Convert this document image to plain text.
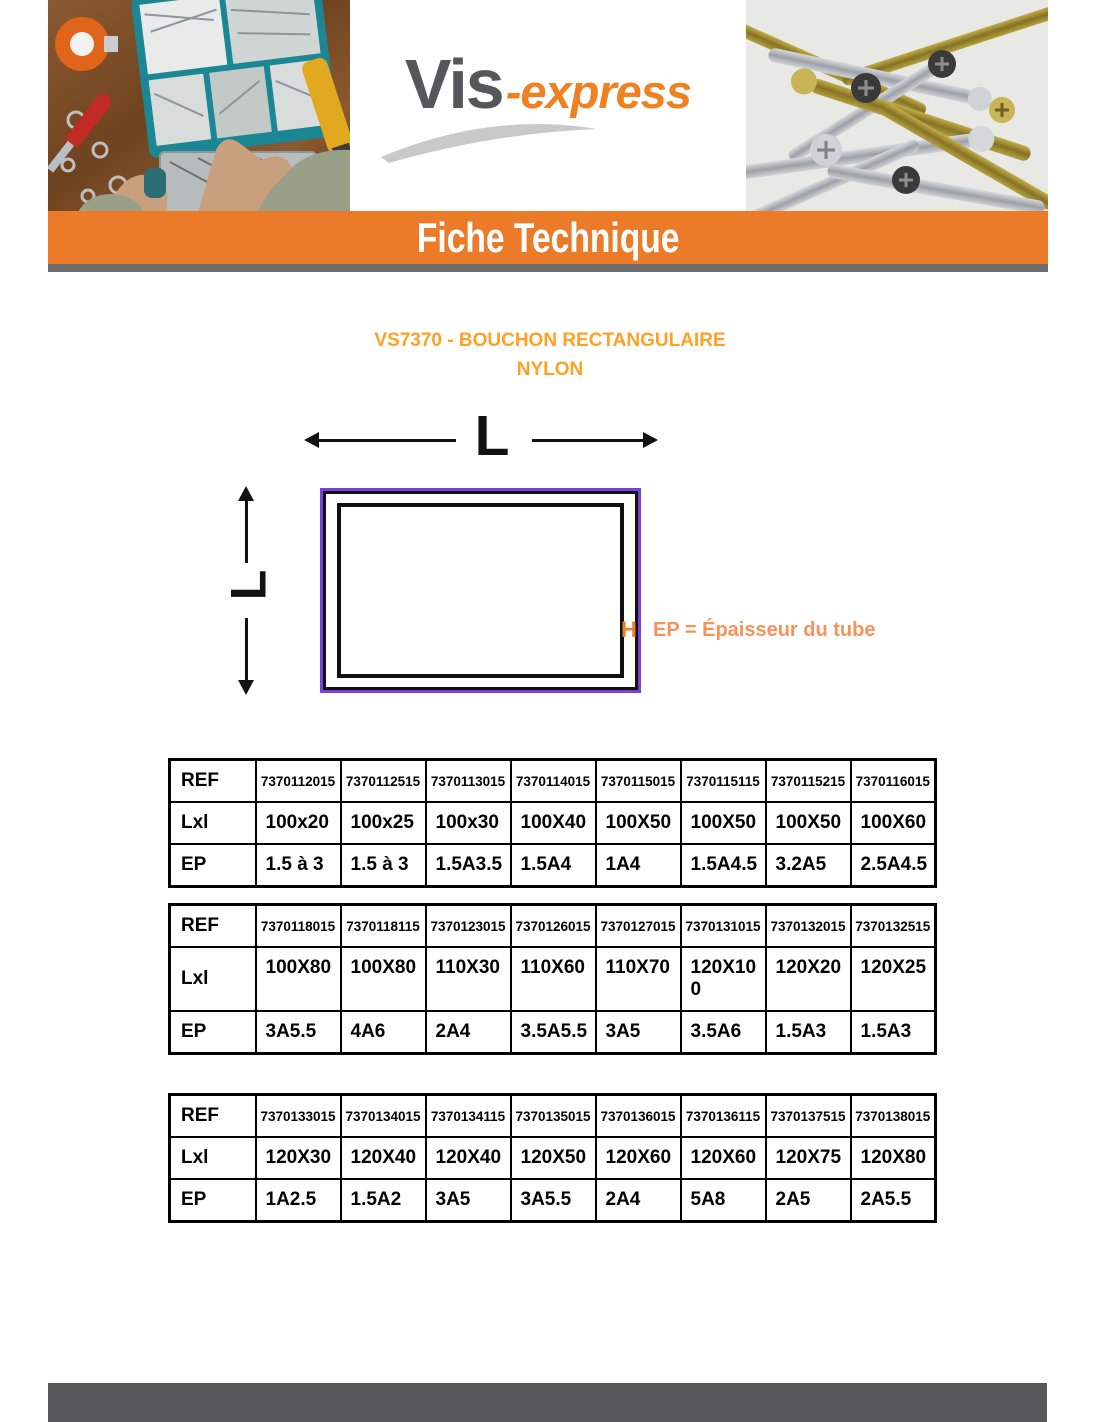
Vis -express
Fiche Technique
VS7370 - BOUCHON RECTANGULAIRE
NYLON
L
L
H EP = Épaisseur du tube
REF	7370112015	7370112515	7370113015	7370114015	7370115015	7370115115	7370115215	7370116015
Lxl	100x20	100x25	100x30	100X40	100X50	100X50	100X50	100X60
EP	1.5 à 3	1.5 à 3	1.5A3.5	1.5A4	1A4	1.5A4.5	3.2A5	2.5A4.5
REF	7370118015	7370118115	7370123015	7370126015	7370127015	7370131015	7370132015	7370132515
Lxl	100X80	100X80	110X30	110X60	110X70	120X100	120X20	120X25
EP	3A5.5	4A6	2A4	3.5A5.5	3A5	3.5A6	1.5A3	1.5A3
REF	7370133015	7370134015	7370134115	7370135015	7370136015	7370136115	7370137515	7370138015
Lxl	120X30	120X40	120X40	120X50	120X60	120X60	120X75	120X80
EP	1A2.5	1.5A2	3A5	3A5.5	2A4	5A8	2A5	2A5.5
